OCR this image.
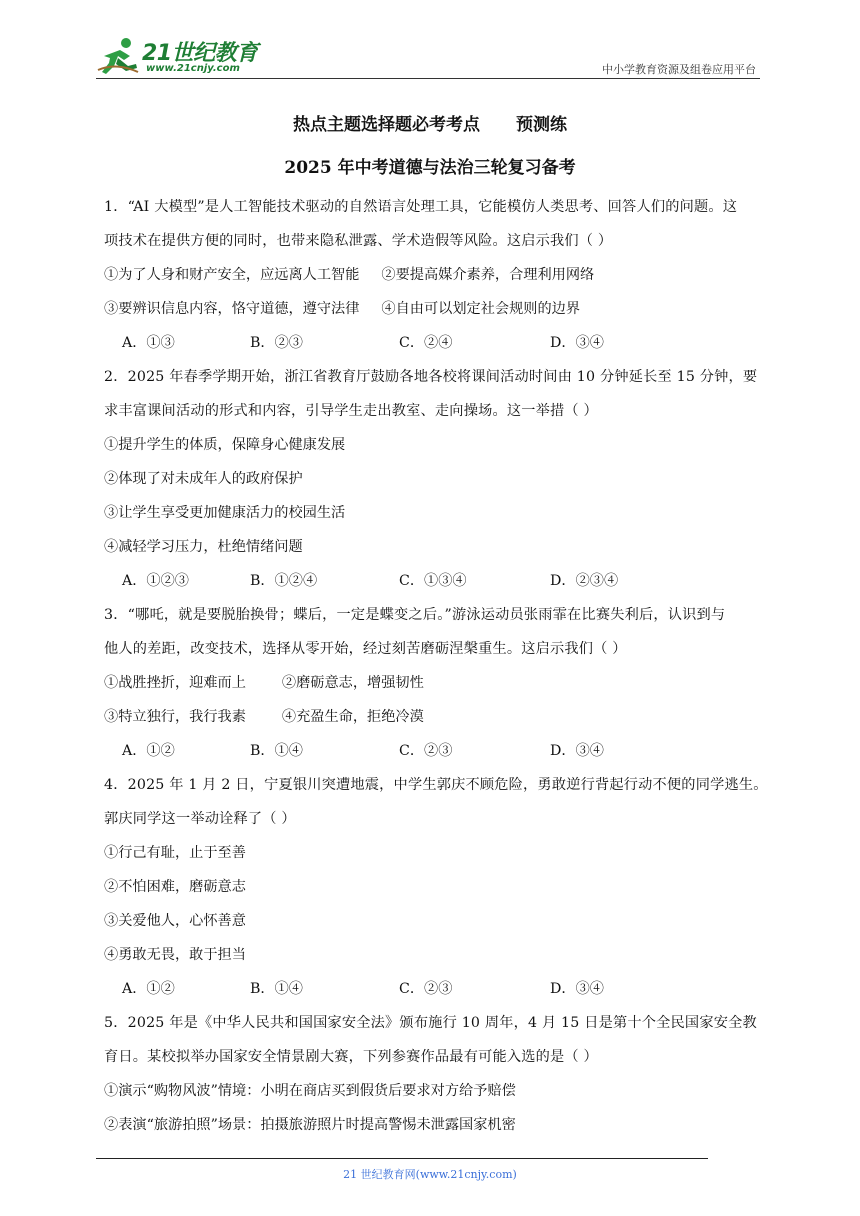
21世纪教育
www.21cnjy.com	中小学教育资源及组卷应用平台
热点主题选择题必考考点 预测练
2025 年中考道德与法治三轮复习备考
1．“AI 大模型”是人工智能技术驱动的自然语言处理工具，它能模仿人类思考、回答人们的问题。这
项技术在提供方便的同时，也带来隐私泄露、学术造假等风险。这启示我们（ ）
①为了人身和财产安全，应远离人工智能 ②要提高媒介素养，合理利用网络
③要辨识信息内容，恪守道德，遵守法律 ④自由可以划定社会规则的边界
A．①③	B．②③	C．②④	D．③④
2．2025 年春季学期开始，浙江省教育厅鼓励各地各校将课间活动时间由 10 分钟延长至 15 分钟，要
求丰富课间活动的形式和内容，引导学生走出教室、走向操场。这一举措（ ）
①提升学生的体质，保障身心健康发展
②体现了对未成年人的政府保护
③让学生享受更加健康活力的校园生活
④减轻学习压力，杜绝情绪问题
A．①②③	B．①②④	C．①③④	D．②③④
3．“哪吒，就是要脱胎换骨；蝶后，一定是蝶变之后。”游泳运动员张雨霏在比赛失利后，认识到与
他人的差距，改变技术，选择从零开始，经过刻苦磨砺涅槃重生。这启示我们（ ）
①战胜挫折，迎难而上	②磨砺意志，增强韧性
③特立独行，我行我素	④充盈生命，拒绝冷漠
A．①②	B．①④	C．②③	D．③④
4．2025 年 1 月 2 日，宁夏银川突遭地震，中学生郭庆不顾危险，勇敢逆行背起行动不便的同学逃生。
郭庆同学这一举动诠释了（ ）
①行己有耻，止于至善
②不怕困难，磨砺意志
③关爱他人，心怀善意
④勇敢无畏，敢于担当
A．①②	B．①④	C．②③	D．③④
5．2025 年是《中华人民共和国国家安全法》颁布施行 10 周年，4 月 15 日是第十个全民国家安全教
育日。某校拟举办国家安全情景剧大赛，下列参赛作品最有可能入选的是（ ）
①演示“购物风波”情境：小明在商店买到假货后要求对方给予赔偿
②表演“旅游拍照”场景：拍摄旅游照片时提高警惕未泄露国家机密
21 世纪教育网(www.21cnjy.com)
